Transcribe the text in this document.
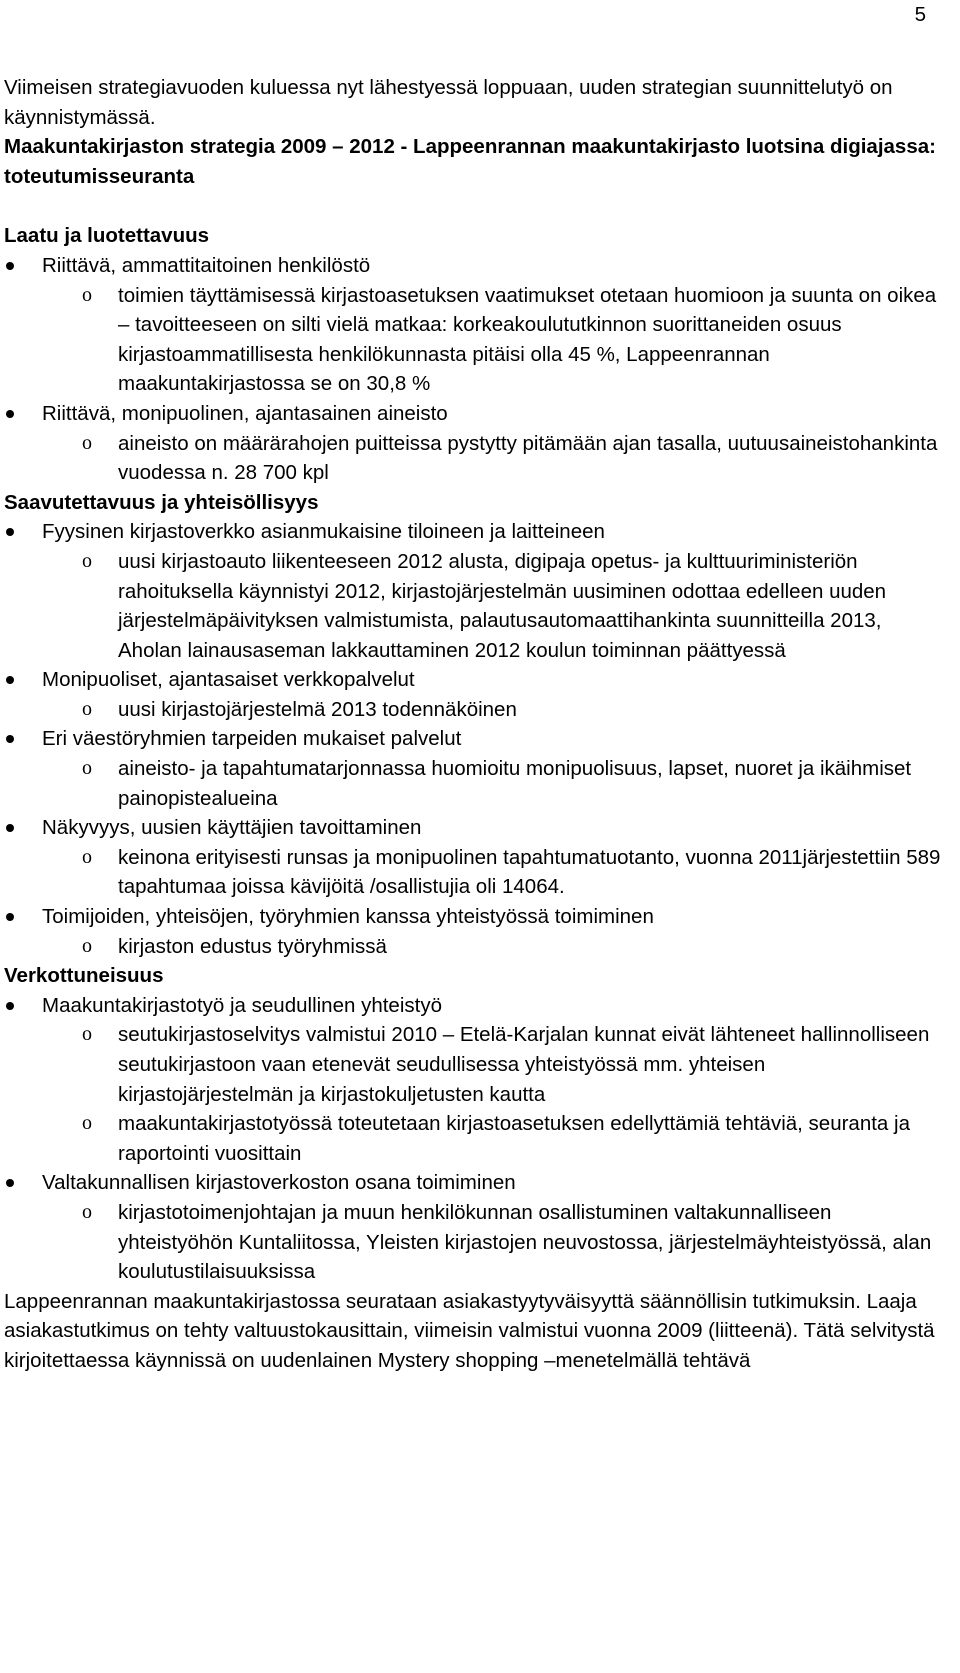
5

Viimeisen strategiavuoden kuluessa nyt lähestyessä loppuaan, uuden strategian suunnittelutyö on käynnistymässä.

Maakuntakirjaston strategia 2009 – 2012 - Lappeenrannan maakuntakirjasto luotsina digiajassa: toteutumisseuranta

Laatu ja luotettavuus

Riittävä, ammattitaitoinen henkilöstö
o toimien täyttämisessä kirjastoasetuksen vaatimukset otetaan huomioon ja suunta on oikea – tavoitteeseen on silti vielä matkaa: korkeakoulututkinnon suorittaneiden osuus kirjastoammatillisesta henkilökunnasta pitäisi olla 45 %, Lappeenrannan maakuntakirjastossa se on 30,8 %
Riittävä, monipuolinen, ajantasainen aineisto
o aineisto on määrärahojen puitteissa pystytty pitämään ajan tasalla, uutuusaineistohankinta vuodessa n. 28 700 kpl

Saavutettavuus ja yhteisöllisyys

Fyysinen kirjastoverkko asianmukaisine tiloineen ja laitteineen
o uusi kirjastoauto liikenteeseen 2012 alusta, digipaja opetus- ja kulttuuriministeriön rahoituksella käynnistyi 2012, kirjastojärjestelmän uusiminen odottaa edelleen uuden järjestelmäpäivityksen valmistumista, palautusautomaattihankinta suunnitteilla 2013, Aholan lainausaseman lakkauttaminen 2012 koulun toiminnan päättyessä
Monipuoliset, ajantasaiset verkkopalvelut
o uusi kirjastojärjestelmä 2013 todennäköinen
Eri väestöryhmien tarpeiden mukaiset palvelut
o aineisto- ja tapahtumatarjonnassa huomioitu monipuolisuus, lapset, nuoret ja ikäihmiset painopistealueina
Näkyvyys, uusien käyttäjien tavoittaminen
o keinona erityisesti runsas ja monipuolinen tapahtumatuotanto, vuonna 2011järjestettiin 589 tapahtumaa joissa kävijöitä /osallistujia oli 14064.
Toimijoiden, yhteisöjen, työryhmien kanssa yhteistyössä toimiminen
o kirjaston edustus työryhmissä

Verkottuneisuus

Maakuntakirjastotyö ja seudullinen yhteistyö
o seutukirjastoselvitys valmistui 2010 – Etelä-Karjalan kunnat eivät lähteneet hallinnolliseen seutukirjastoon vaan etenevät seudullisessa yhteistyössä mm. yhteisen kirjastojärjestelmän ja kirjastokuljetusten kautta
o maakuntakirjastotyössä toteutetaan kirjastoasetuksen edellyttämiä tehtäviä, seuranta ja raportointi vuosittain
Valtakunnallisen kirjastoverkoston osana toimiminen
o kirjastotoimenjohtajan ja muun henkilökunnan osallistuminen valtakunnalliseen yhteistyöhön Kuntaliitossa, Yleisten kirjastojen neuvostossa, järjestelmäyhteistyössä, alan koulutustilaisuuksissa

Lappeenrannan maakuntakirjastossa seurataan asiakastyytyväisyyttä säännöllisin tutkimuksin. Laaja asiakastutkimus on tehty valtuustokausittain, viimeisin valmistui vuonna 2009 (liitteenä). Tätä selvitystä kirjoitettaessa käynnissä on uudenlainen Mystery shopping –menetelmällä tehtävä
